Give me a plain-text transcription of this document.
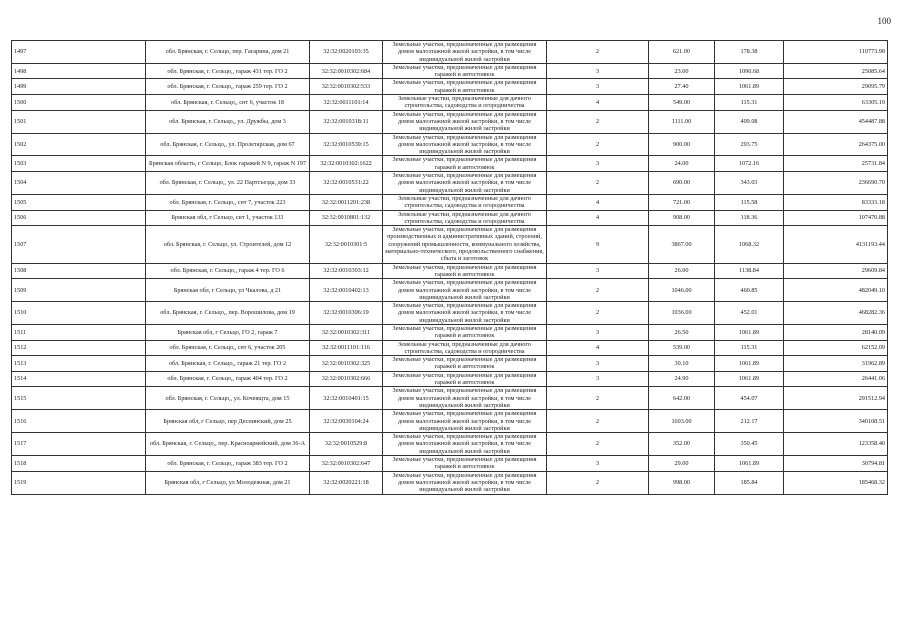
100
1497	обл. Брянская, г. Сельцо, пер. Гагарина, дом 21	32:32:0020103:35	Земельные участки, предназначенные для размещения домов малоэтажной жилой застройки, в том числе индивидуальной жилой застройки	2	621.00	178.38	110773.98
1498	обл. Брянская, г. Сельцо,, гараж 431 тер. ГО 2	32:32:0010302:684	Земельные участки, предназначенные для размещения гаражей и автостоянок	3	23.00	1090.68	25085.64
1499	обл. Брянская, г. Сельцо,, гараж 259 тер. ГО 2	32:32:0010302:533	Земельные участки, предназначенные для размещения гаражей и автостоянок	3	27.40	1061.89	29095.79
1500	обл. Брянская, г. Сельцо,, снт 6, участок 18	32:32:0011101:14	Земельные участки, предназначенные для дачного строительства, садоводства и огородничества	4	549.00	115.31	63305.19
1501	обл. Брянская, г. Сельцо,, ул. Дружбы, дом 3	32:32:0010318:11	Земельные участки, предназначенные для размещения домов малоэтажной жилой застройки, в том числе индивидуальной жилой застройки	2	1111.00	409.08	454487.88
1502	обл. Брянская, г. Сельцо,, ул. Пролетарская, дом 67	32:32:0010539:15	Земельные участки, предназначенные для размещения домов малоэтажной жилой застройки, в том числе индивидуальной жилой застройки	2	900.00	293.75	264375.00
1503	Брянская область, г Сельцо, Блок гаражей N 9, гараж N 197	32:32:0010302:1622	Земельные участки, предназначенные для размещения гаражей и автостоянок	3	24.00	1072.16	25731.84
1504	обл. Брянская, г. Сельцо,, ул. 22 Партсъезда, дом 33	32:32:0010531:22	Земельные участки, предназначенные для размещения домов малоэтажной жилой застройки, в том числе индивидуальной жилой застройки	2	690.00	343.03	236690.70
1505	обл. Брянская, г. Сельцо,, снт 7, участок 223	32:32:0011201:238	Земельные участки, предназначенные для дачного строительства, садоводства и огородничества	4	721.00	115.58	83333.18
1506	Брянская обл, г Сельцо, снт 1, участок 133	32:32:0010801:132	Земельные участки, предназначенные для дачного строительства, садоводства и огородничества	4	908.00	118.36	107470.88
1507	обл. Брянская, г. Сельцо, ул. Строителей, дом 12	32:32:0010301:5	Земельные участки, предназначенные для размещения производственных и административных зданий, строений, сооружений промышленности, коммунального хозяйства, материально-технического, продовольственного снабжения, сбыта и заготовок	9	3867.00	1068.32	4131193.44
1508	обл. Брянская, г. Сельцо,, гараж 4 тер. ГО 6	32:32:0010303:12	Земельные участки, предназначенные для размещения гаражей и автостоянок	3	26.00	1138.84	29609.84
1509	Брянская обл, г Сельцо, ул Чкалова, д 21	32:32:0010402:13	Земельные участки, предназначенные для размещения домов малоэтажной жилой застройки, в том числе индивидуальной жилой застройки	2	1046.00	460.85	482049.10
1510	обл. Брянская, г. Сельцо,, пер. Ворошилова, дом 19	32:32:0010306:19	Земельные участки, предназначенные для размещения домов малоэтажной жилой застройки, в том числе индивидуальной жилой застройки	2	1036.00	452.01	468282.36
1511	Брянская обл, г Сельцо, ГО 2, гараж 7	32:32:0010302:311	Земельные участки, предназначенные для размещения гаражей и автостоянок	3	26.50	1061.89	28140.09
1512	обл. Брянская, г. Сельцо,, снт 6, участок 205	32:32:0011101:116	Земельные участки, предназначенные для дачного строительства, садоводства и огородничества	4	539.00	115.31	62152.09
1513	обл. Брянская, г. Сельцо,, гараж 21 тер. ГО 2	32:32:0010302:325	Земельные участки, предназначенные для размещения гаражей и автостоянок	3	30.10	1061.89	31962.89
1514	обл. Брянская, г. Сельцо,, гараж 404 тер. ГО 2	32:32:0010302:666	Земельные участки, предназначенные для размещения гаражей и автостоянок	3	24.90	1061.89	26441.06
1515	обл. Брянская, г. Сельцо,, ул. Кочевщта, дом 15	32:32:0010401:15	Земельные участки, предназначенные для размещения домов малоэтажной жилой застройки, в том числе индивидуальной жилой застройки	2	642.00	454.07	291512.94
1516	Брянская обл, г Сельцо, пер Деспинский, дом 25	32:32:0030104:24	Земельные участки, предназначенные для размещения домов малоэтажной жилой застройки, в том числе индивидуальной жилой застройки	2	1603.00	212.17	340108.51
1517	обл. Брянская, г. Сельцо,, пер. Красноармейский, дом 36-А	32:32:0010529:8	Земельные участки, предназначенные для размещения домов малоэтажной жилой застройки, в том числе индивидуальной жилой застройки	2	352.00	350.45	123358.40
1518	обл. Брянская, г. Сельцо,, гараж 383 тер. ГО 2	32:32:0010302:647	Земельные участки, предназначенные для размещения гаражей и автостоянок	3	29.00	1061.89	30794.81
1519	Брянская обл, г Сельцо, ул Молодежная, дом 21	32:32:0020221:18	Земельные участки, предназначенные для размещения домов малоэтажной жилой застройки, в том числе индивидуальной жилой застройки	2	998.00	185.84	185468.32
